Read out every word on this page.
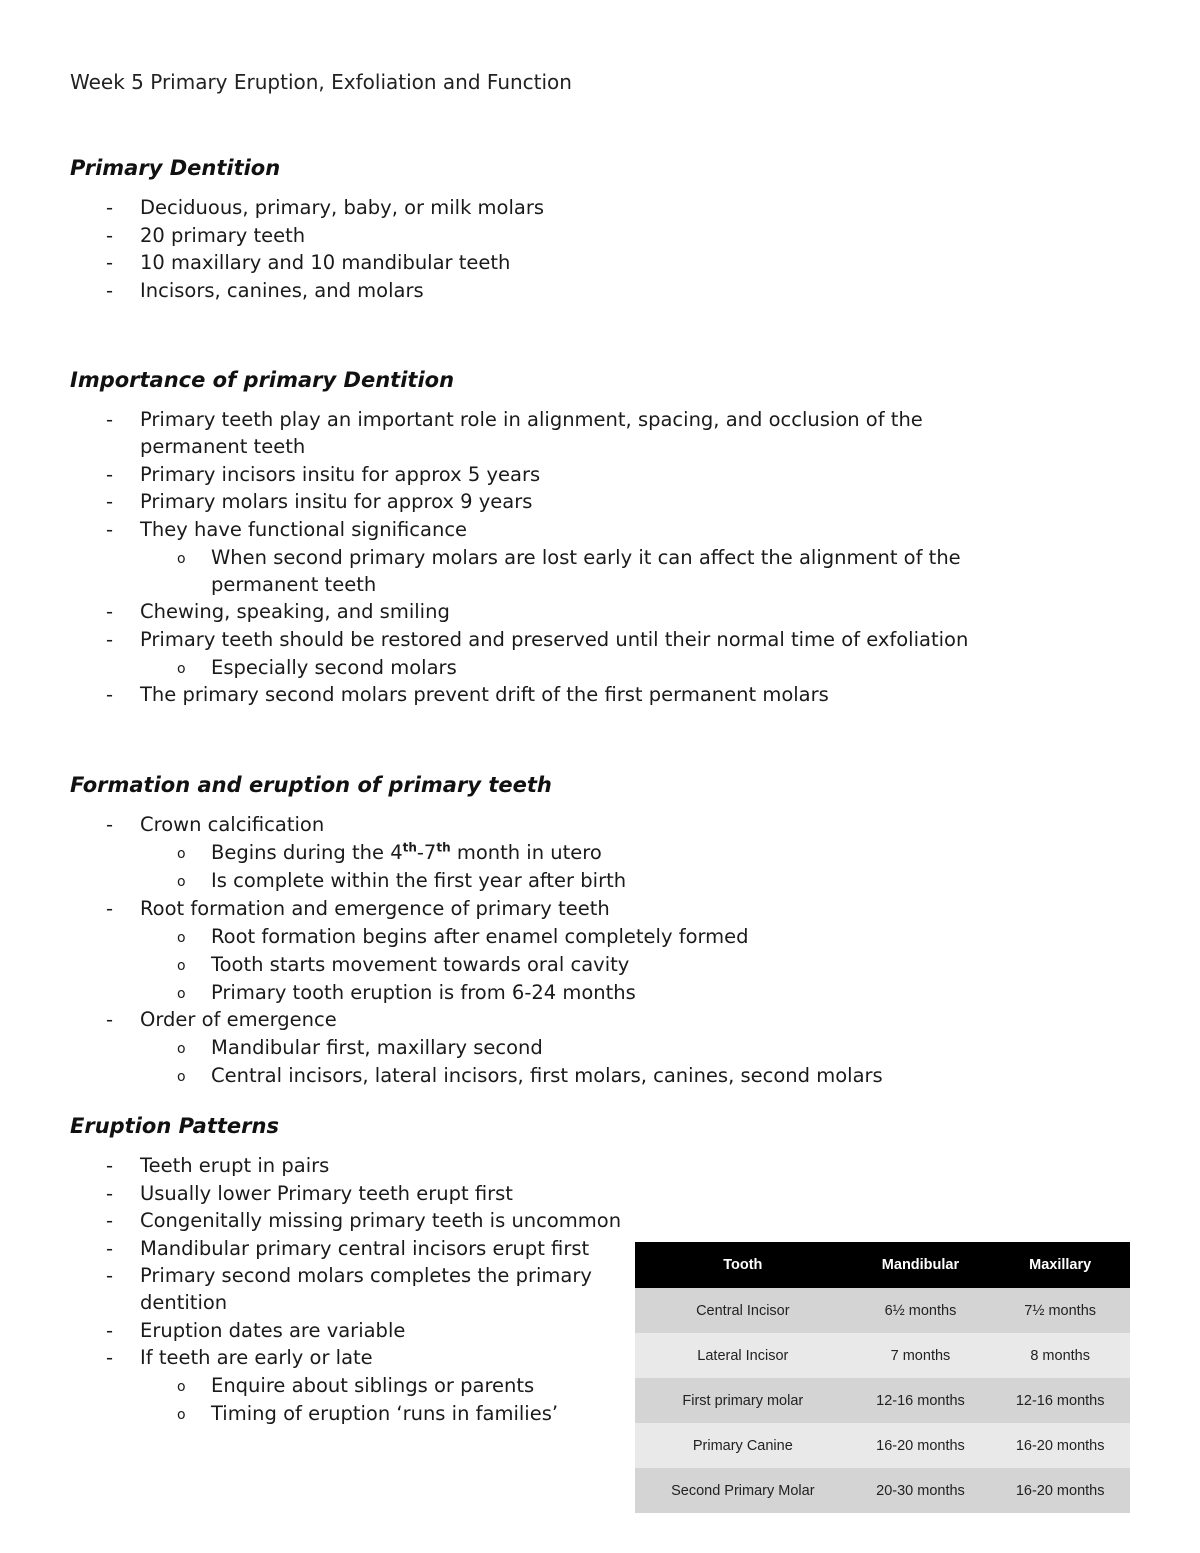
Week 5 Primary Eruption, Exfoliation and Function
Primary Dentition
- Deciduous, primary, baby, or milk molars
- 20 primary teeth
- 10 maxillary and 10 mandibular teeth
- Incisors, canines, and molars
Importance of primary Dentition
- Primary teeth play an important role in alignment, spacing, and occlusion of the permanent teeth
- Primary incisors insitu for approx 5 years
- Primary molars insitu for approx 9 years
- They have functional significance
o When second primary molars are lost early it can affect the alignment of the permanent teeth
- Chewing, speaking, and smiling
- Primary teeth should be restored and preserved until their normal time of exfoliation
o Especially second molars
- The primary second molars prevent drift of the first permanent molars
Formation and eruption of primary teeth
- Crown calcification
o Begins during the 4th-7th month in utero
o Is complete within the first year after birth
- Root formation and emergence of primary teeth
o Root formation begins after enamel completely formed
o Tooth starts movement towards oral cavity
o Primary tooth eruption is from 6-24 months
- Order of emergence
o Mandibular first, maxillary second
o Central incisors, lateral incisors, first molars, canines, second molars
Eruption Patterns
- Teeth erupt in pairs
- Usually lower Primary teeth erupt first
- Congenitally missing primary teeth is uncommon
- Mandibular primary central incisors erupt first
- Primary second molars completes the primary dentition
- Eruption dates are variable
- If teeth are early or late
o Enquire about siblings or parents
o Timing of eruption ‘runs in families’
Tooth	Mandibular	Maxillary
Central Incisor	6½ months	7½ months
Lateral Incisor	7 months	8 months
First primary molar	12-16 months	12-16 months
Primary Canine	16-20 months	16-20 months
Second Primary Molar	20-30 months	16-20 months
